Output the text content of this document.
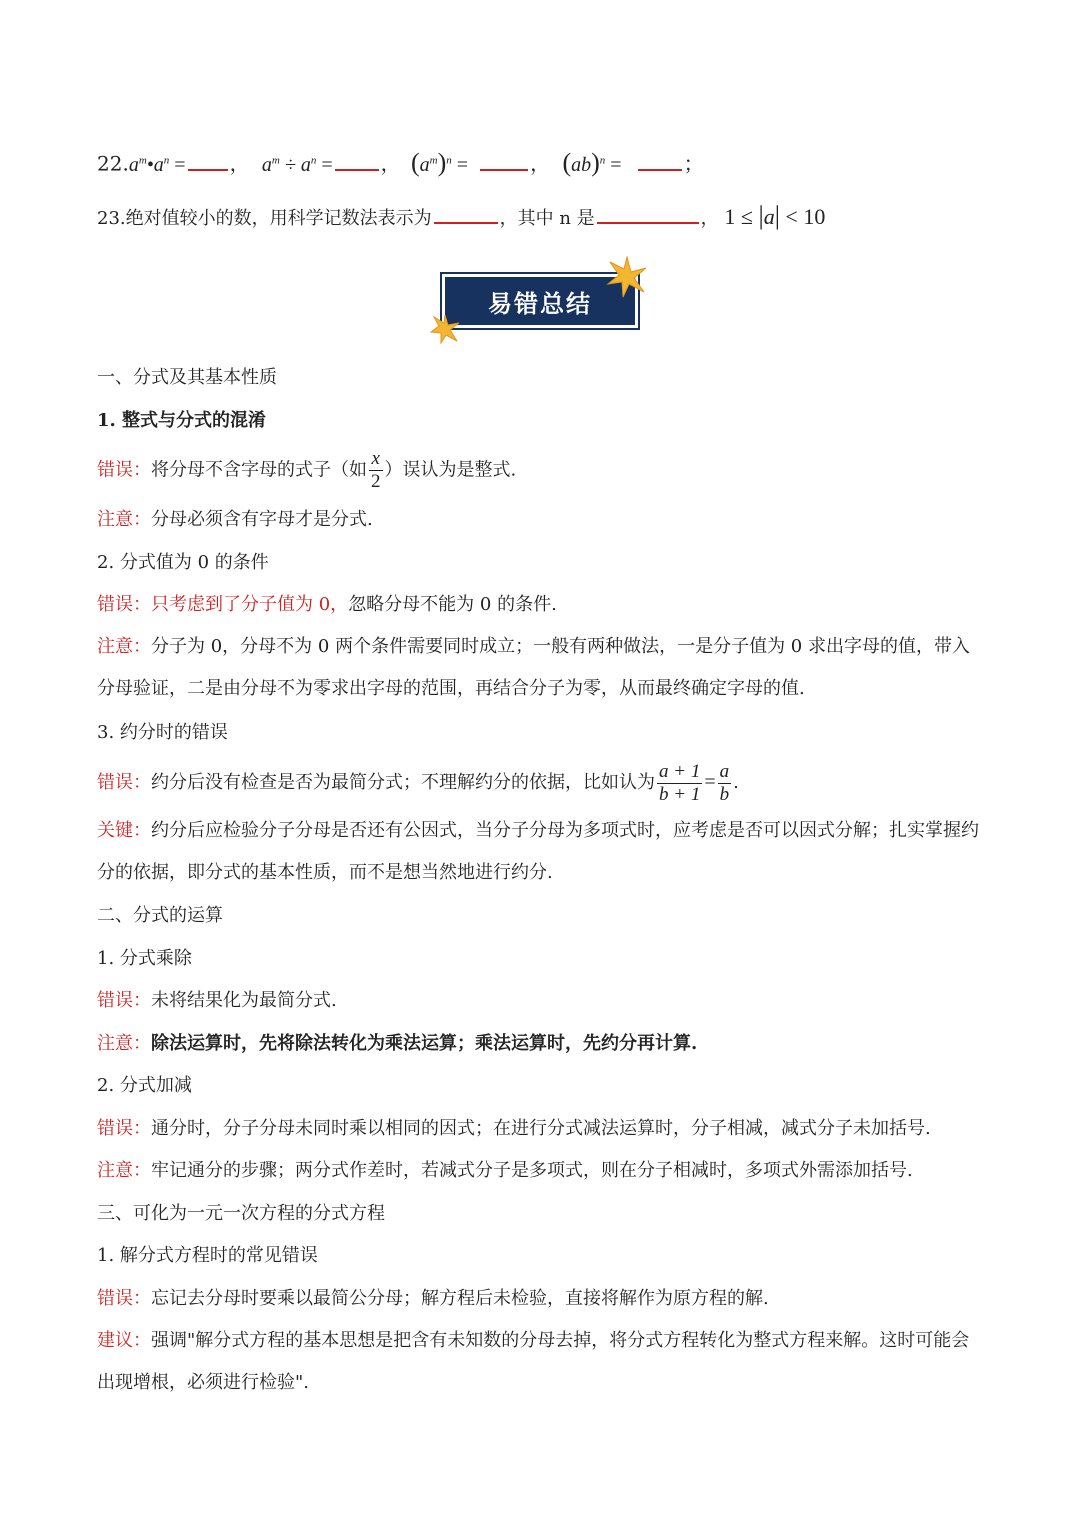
$22.a^m•a^n$ = ， $a^m \div a^n$ = ， $(a^m)^n$ =	， (ab)$^n$ =	；
23.绝对值较小的数，用科学记数法表示为	，其中 n 是	， 1 ≤ |a| < 10
易错总结
一、分式及其基本性质
1. 整式与分式的混淆
错误：将分母不含字母的式子（如 $\frac{x}{2}$ ）误认为是整式.
注意：分母必须含有字母才是分式.
2. 分式值为 0 的条件
错误：只考虑到了分子值为 0，忽略分母不能为 0 的条件.
注意：分子为 0，分母不为 0 两个条件需要同时成立；一般有两种做法，一是分子值为 0 求出字母的值，带入分母验证，二是由分母不为零求出字母的范围，再结合分子为零，从而最终确定字母的值.
3. 约分时的错误
错误：约分后没有检查是否为最简分式；不理解约分的依据，比如认为 $\frac{a + 1}{b + 1} = \frac{a}{b}$ .
关键：约分后应检验分子分母是否还有公因式，当分子分母为多项式时，应考虑是否可以因式分解；扎实掌握约分的依据，即分式的基本性质，而不是想当然地进行约分.
二、分式的运算
1. 分式乘除
错误：未将结果化为最简分式.
注意：除法运算时，先将除法转化为乘法运算；乘法运算时，先约分再计算.
2. 分式加减
错误：通分时，分子分母未同时乘以相同的因式；在进行分式减法运算时，分子相减，减式分子未加括号.
注意：牢记通分的步骤；两分式作差时，若减式分子是多项式，则在分子相减时，多项式外需添加括号.
三、可化为一元一次方程的分式方程
1. 解分式方程时的常见错误
错误：忘记去分母时要乘以最简公分母；解方程后未检验，直接将解作为原方程的解.
建议：强调"解分式方程的基本思想是把含有未知数的分母去掉，将分式方程转化为整式方程来解。这时可能会出现增根，必须进行检验".
